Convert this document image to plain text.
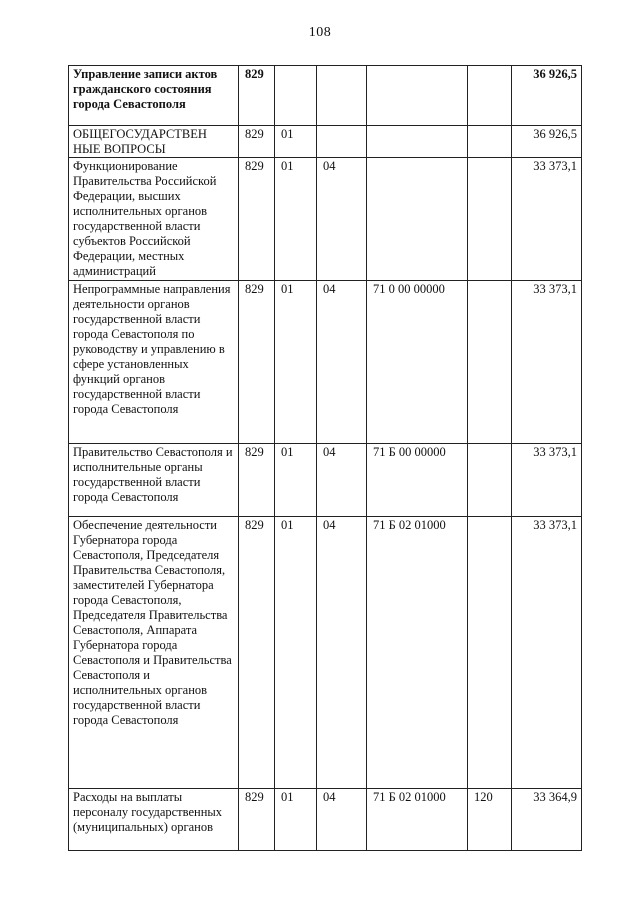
108
Управление записи актов гражданского состояния города Севастополя	829					36 926,5
ОБЩЕГОСУДАРСТВЕН НЫЕ ВОПРОСЫ	829	01				36 926,5
Функционирование Правительства Российской Федерации, высших исполнительных органов государственной власти субъектов Российской Федерации, местных администраций	829	01	04			33 373,1
Непрограммные направления деятельности органов государственной власти города Севастополя по руководству и управлению в сфере установленных функций органов государственной власти города Севастополя	829	01	04	71 0 00 00000		33 373,1
Правительство Севастополя и исполнительные органы государственной власти города Севастополя	829	01	04	71 Б 00 00000		33 373,1
Обеспечение деятельности Губернатора города Севастополя, Председателя Правительства Севастополя, заместителей Губернатора города Севастополя, Председателя Правительства Севастополя, Аппарата Губернатора города Севастополя и Правительства Севастополя и исполнительных органов государственной власти города Севастополя	829	01	04	71 Б 02 01000		33 373,1
Расходы на выплаты персоналу государственных (муниципальных) органов	829	01	04	71 Б 02 01000	120	33 364,9
